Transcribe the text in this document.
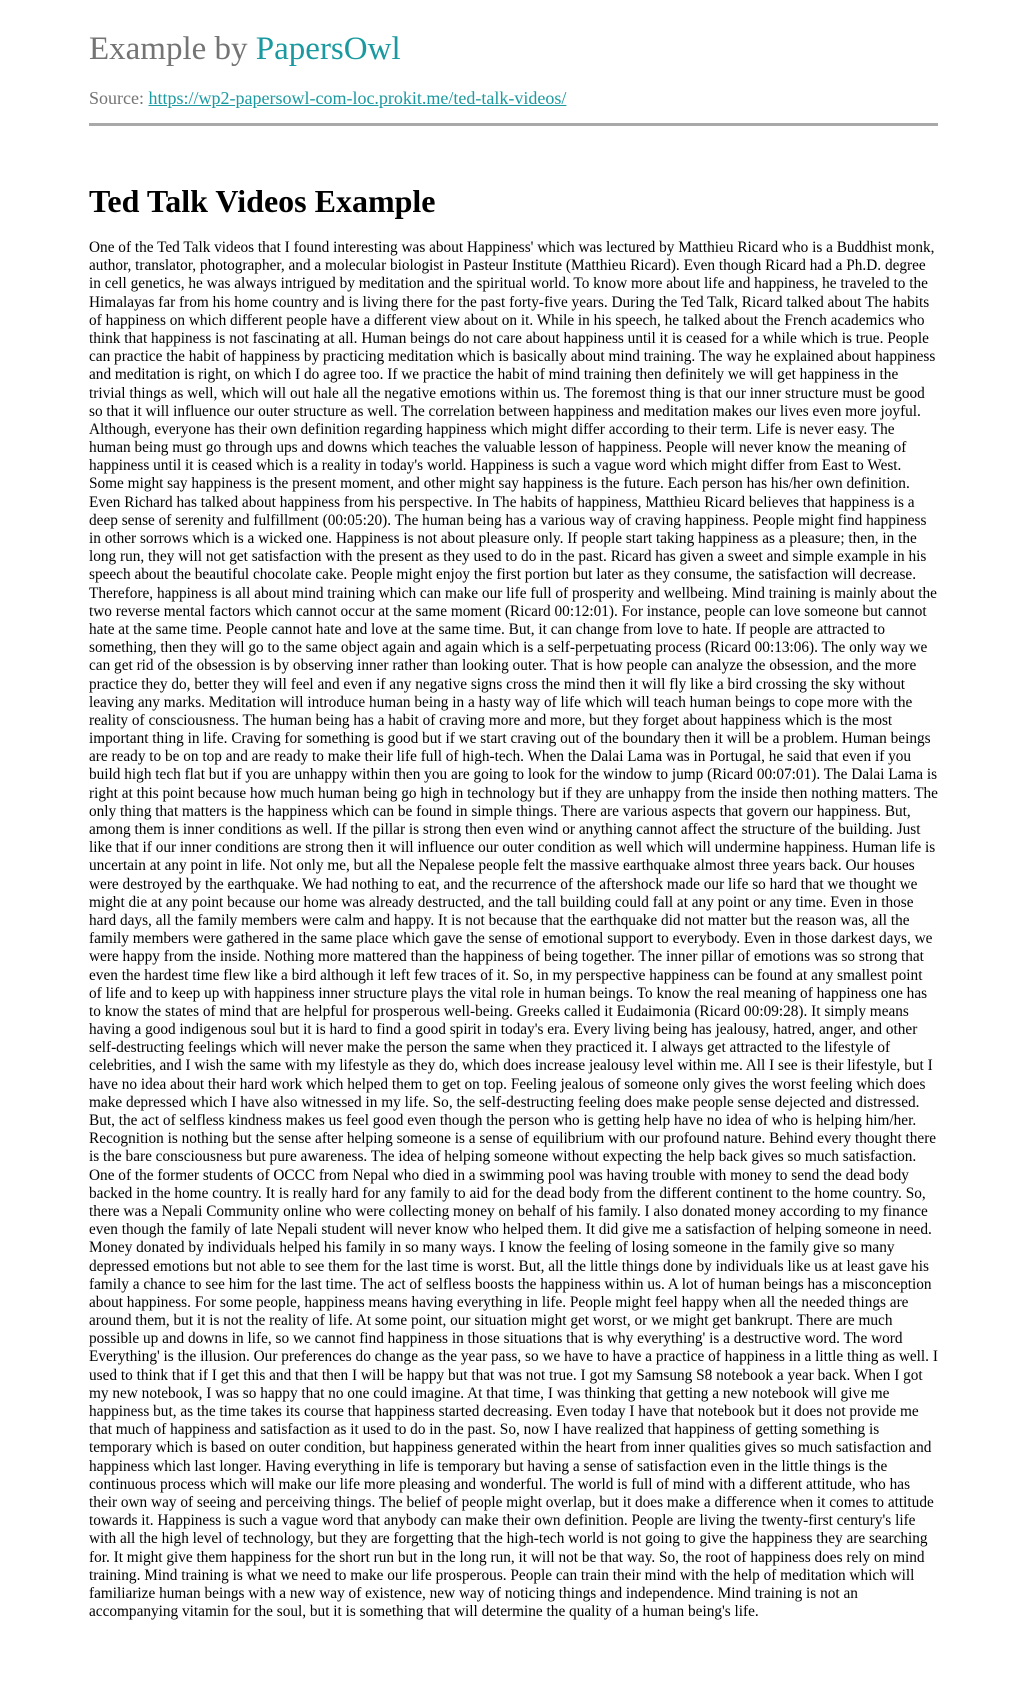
Example by PapersOwl
Source: https://wp2-papersowl-com-loc.prokit.me/ted-talk-videos/
Ted Talk Videos Example

One of the Ted Talk videos that I found interesting was about Happiness' which was lectured by Matthieu Ricard who is a Buddhist monk, author, translator, photographer, and a molecular biologist in Pasteur Institute (Matthieu Ricard). Even though Ricard had a Ph.D. degree in cell genetics, he was always intrigued by meditation and the spiritual world. To know more about life and happiness, he traveled to the Himalayas far from his home country and is living there for the past forty-five years. During the Ted Talk, Ricard talked about The habits of happiness on which different people have a different view about on it. While in his speech, he talked about the French academics who think that happiness is not fascinating at all. Human beings do not care about happiness until it is ceased for a while which is true. People can practice the habit of happiness by practicing meditation which is basically about mind training. The way he explained about happiness and meditation is right, on which I do agree too. If we practice the habit of mind training then definitely we will get happiness in the trivial things as well, which will out hale all the negative emotions within us. The foremost thing is that our inner structure must be good so that it will influence our outer structure as well. The correlation between happiness and meditation makes our lives even more joyful. Although, everyone has their own definition regarding happiness which might differ according to their term. Life is never easy. The human being must go through ups and downs which teaches the valuable lesson of happiness. People will never know the meaning of happiness until it is ceased which is a reality in today's world. Happiness is such a vague word which might differ from East to West. Some might say happiness is the present moment, and other might say happiness is the future. Each person has his/her own definition. Even Richard has talked about happiness from his perspective. In The habits of happiness, Matthieu Ricard believes that happiness is a deep sense of serenity and fulfillment (00:05:20). The human being has a various way of craving happiness. People might find happiness in other sorrows which is a wicked one. Happiness is not about pleasure only. If people start taking happiness as a pleasure; then, in the long run, they will not get satisfaction with the present as they used to do in the past. Ricard has given a sweet and simple example in his speech about the beautiful chocolate cake. People might enjoy the first portion but later as they consume, the satisfaction will decrease. Therefore, happiness is all about mind training which can make our life full of prosperity and wellbeing. Mind training is mainly about the two reverse mental factors which cannot occur at the same moment (Ricard 00:12:01). For instance, people can love someone but cannot hate at the same time. People cannot hate and love at the same time. But, it can change from love to hate. If people are attracted to something, then they will go to the same object again and again which is a self-perpetuating process (Ricard 00:13:06). The only way we can get rid of the obsession is by observing inner rather than looking outer. That is how people can analyze the obsession, and the more practice they do, better they will feel and even if any negative signs cross the mind then it will fly like a bird crossing the sky without leaving any marks. Meditation will introduce human being in a hasty way of life which will teach human beings to cope more with the reality of consciousness. The human being has a habit of craving more and more, but they forget about happiness which is the most important thing in life. Craving for something is good but if we start craving out of the boundary then it will be a problem. Human beings are ready to be on top and are ready to make their life full of high-tech. When the Dalai Lama was in Portugal, he said that even if you build high tech flat but if you are unhappy within then you are going to look for the window to jump (Ricard 00:07:01). The Dalai Lama is right at this point because how much human being go high in technology but if they are unhappy from the inside then nothing matters. The only thing that matters is the happiness which can be found in simple things. There are various aspects that govern our happiness. But, among them is inner conditions as well. If the pillar is strong then even wind or anything cannot affect the structure of the building. Just like that if our inner conditions are strong then it will influence our outer condition as well which will undermine happiness. Human life is uncertain at any point in life. Not only me, but all the Nepalese people felt the massive earthquake almost three years back. Our houses were destroyed by the earthquake. We had nothing to eat, and the recurrence of the aftershock made our life so hard that we thought we might die at any point because our home was already destructed, and the tall building could fall at any point or any time. Even in those hard days, all the family members were calm and happy. It is not because that the earthquake did not matter but the reason was, all the family members were gathered in the same place which gave the sense of emotional support to everybody. Even in those darkest days, we were happy from the inside. Nothing more mattered than the happiness of being together. The inner pillar of emotions was so strong that even the hardest time flew like a bird although it left few traces of it. So, in my perspective happiness can be found at any smallest point of life and to keep up with happiness inner structure plays the vital role in human beings. To know the real meaning of happiness one has to know the states of mind that are helpful for prosperous well-being. Greeks called it Eudaimonia (Ricard 00:09:28). It simply means having a good indigenous soul but it is hard to find a good spirit in today's era. Every living being has jealousy, hatred, anger, and other self-destructing feelings which will never make the person the same when they practiced it. I always get attracted to the lifestyle of celebrities, and I wish the same with my lifestyle as they do, which does increase jealousy level within me. All I see is their lifestyle, but I have no idea about their hard work which helped them to get on top. Feeling jealous of someone only gives the worst feeling which does make depressed which I have also witnessed in my life. So, the self-destructing feeling does make people sense dejected and distressed. But, the act of selfless kindness makes us feel good even though the person who is getting help have no idea of who is helping him/her. Recognition is nothing but the sense after helping someone is a sense of equilibrium with our profound nature. Behind every thought there is the bare consciousness but pure awareness. The idea of helping someone without expecting the help back gives so much satisfaction. One of the former students of OCCC from Nepal who died in a swimming pool was having trouble with money to send the dead body backed in the home country. It is really hard for any family to aid for the dead body from the different continent to the home country. So, there was a Nepali Community online who were collecting money on behalf of his family. I also donated money according to my finance even though the family of late Nepali student will never know who helped them. It did give me a satisfaction of helping someone in need. Money donated by individuals helped his family in so many ways. I know the feeling of losing someone in the family give so many depressed emotions but not able to see them for the last time is worst. But, all the little things done by individuals like us at least gave his family a chance to see him for the last time. The act of selfless boosts the happiness within us. A lot of human beings has a misconception about happiness. For some people, happiness means having everything in life. People might feel happy when all the needed things are around them, but it is not the reality of life. At some point, our situation might get worst, or we might get bankrupt. There are much possible up and downs in life, so we cannot find happiness in those situations that is why everything' is a destructive word. The word Everything' is the illusion. Our preferences do change as the year pass, so we have to have a practice of happiness in a little thing as well. I used to think that if I get this and that then I will be happy but that was not true. I got my Samsung S8 notebook a year back. When I got my new notebook, I was so happy that no one could imagine. At that time, I was thinking that getting a new notebook will give me happiness but, as the time takes its course that happiness started decreasing. Even today I have that notebook but it does not provide me that much of happiness and satisfaction as it used to do in the past. So, now I have realized that happiness of getting something is temporary which is based on outer condition, but happiness generated within the heart from inner qualities gives so much satisfaction and happiness which last longer. Having everything in life is temporary but having a sense of satisfaction even in the little things is the continuous process which will make our life more pleasing and wonderful. The world is full of mind with a different attitude, who has their own way of seeing and perceiving things. The belief of people might overlap, but it does make a difference when it comes to attitude towards it. Happiness is such a vague word that anybody can make their own definition. People are living the twenty-first century's life with all the high level of technology, but they are forgetting that the high-tech world is not going to give the happiness they are searching for. It might give them happiness for the short run but in the long run, it will not be that way. So, the root of happiness does rely on mind training. Mind training is what we need to make our life prosperous. People can train their mind with the help of meditation which will familiarize human beings with a new way of existence, new way of noticing things and independence. Mind training is not an accompanying vitamin for the soul, but it is something that will determine the quality of a human being's life.
